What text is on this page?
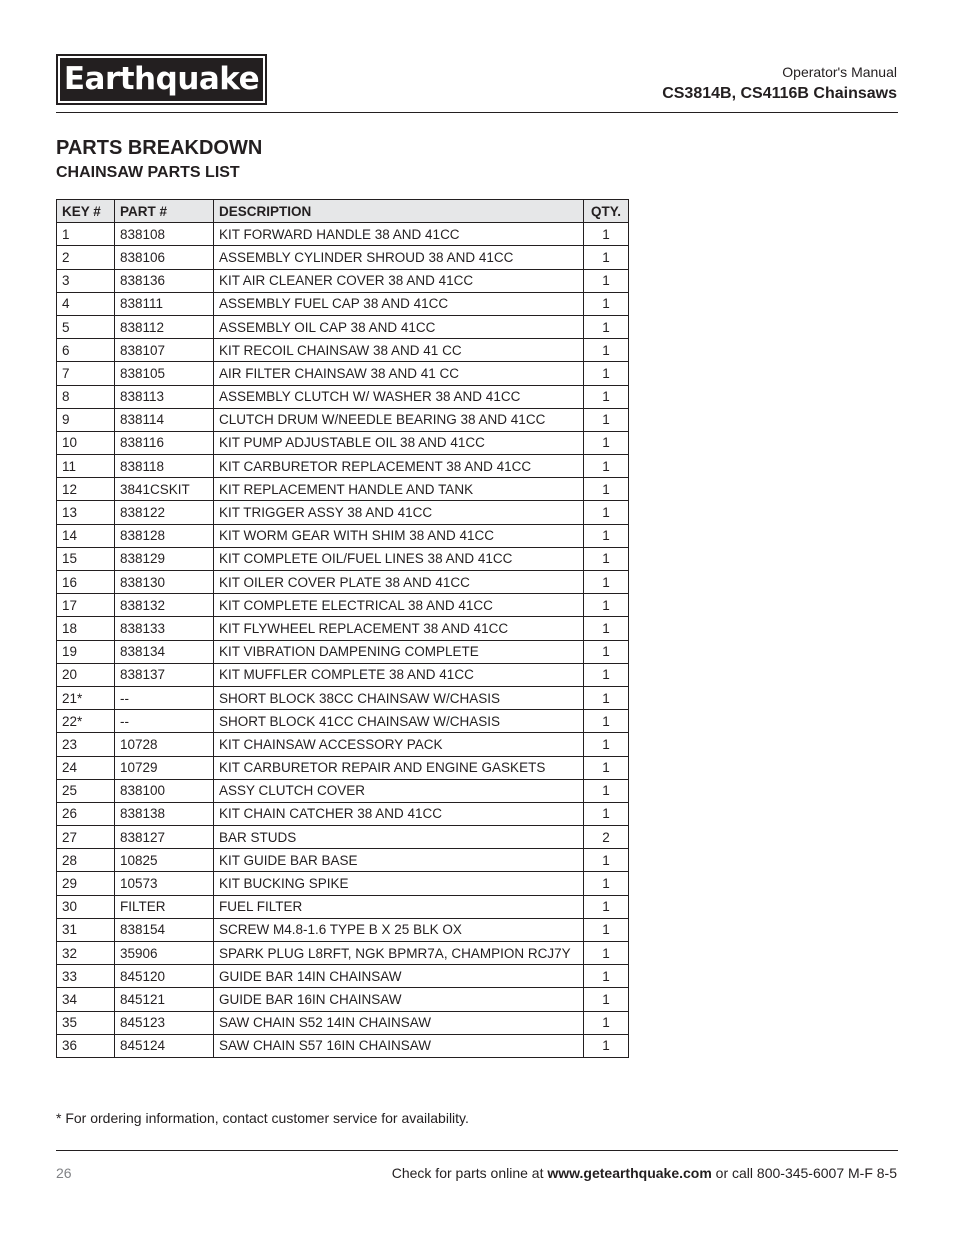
Earthquake	Operator's Manual
CS3814B, CS4116B Chainsaws
PARTS BREAKDOWN
CHAINSAW PARTS LIST
KEY #	PART #	DESCRIPTION	QTY.
1	838108	KIT FORWARD HANDLE 38 AND 41CC	1
2	838106	ASSEMBLY CYLINDER SHROUD 38 AND 41CC	1
3	838136	KIT AIR CLEANER COVER 38 AND 41CC	1
4	838111	ASSEMBLY FUEL CAP 38 AND 41CC	1
5	838112	ASSEMBLY OIL CAP 38 AND 41CC	1
6	838107	KIT RECOIL CHAINSAW 38 AND 41 CC	1
7	838105	AIR FILTER CHAINSAW 38 AND 41 CC	1
8	838113	ASSEMBLY CLUTCH W/ WASHER 38 AND 41CC	1
9	838114	CLUTCH DRUM W/NEEDLE BEARING 38 AND 41CC	1
10	838116	KIT PUMP ADJUSTABLE OIL 38 AND 41CC	1
11	838118	KIT CARBURETOR REPLACEMENT 38 AND 41CC	1
12	3841CSKIT	KIT REPLACEMENT HANDLE AND TANK	1
13	838122	KIT TRIGGER ASSY 38 AND 41CC	1
14	838128	KIT WORM GEAR WITH SHIM 38 AND 41CC	1
15	838129	KIT COMPLETE OIL/FUEL LINES 38 AND 41CC	1
16	838130	KIT OILER COVER PLATE 38 AND 41CC	1
17	838132	KIT COMPLETE ELECTRICAL 38 AND 41CC	1
18	838133	KIT FLYWHEEL REPLACEMENT 38 AND 41CC	1
19	838134	KIT VIBRATION DAMPENING COMPLETE	1
20	838137	KIT MUFFLER COMPLETE 38 AND 41CC	1
21*	--	SHORT BLOCK 38CC CHAINSAW W/CHASIS	1
22*	--	SHORT BLOCK 41CC CHAINSAW W/CHASIS	1
23	10728	KIT CHAINSAW ACCESSORY PACK	1
24	10729	KIT CARBURETOR REPAIR AND ENGINE GASKETS	1
25	838100	ASSY CLUTCH COVER	1
26	838138	KIT CHAIN CATCHER 38 AND 41CC	1
27	838127	BAR STUDS	2
28	10825	KIT GUIDE BAR BASE	1
29	10573	KIT BUCKING SPIKE	1
30	FILTER	FUEL FILTER	1
31	838154	SCREW M4.8-1.6 TYPE B X 25 BLK OX	1
32	35906	SPARK PLUG L8RFT, NGK BPMR7A, CHAMPION RCJ7Y	1
33	845120	GUIDE BAR 14IN CHAINSAW	1
34	845121	GUIDE BAR 16IN CHAINSAW	1
35	845123	SAW CHAIN S52 14IN CHAINSAW	1
36	845124	SAW CHAIN S57 16IN CHAINSAW	1
* For ordering information, contact customer service for availability.
26	Check for parts online at www.getearthquake.com or call 800-345-6007 M-F 8-5
